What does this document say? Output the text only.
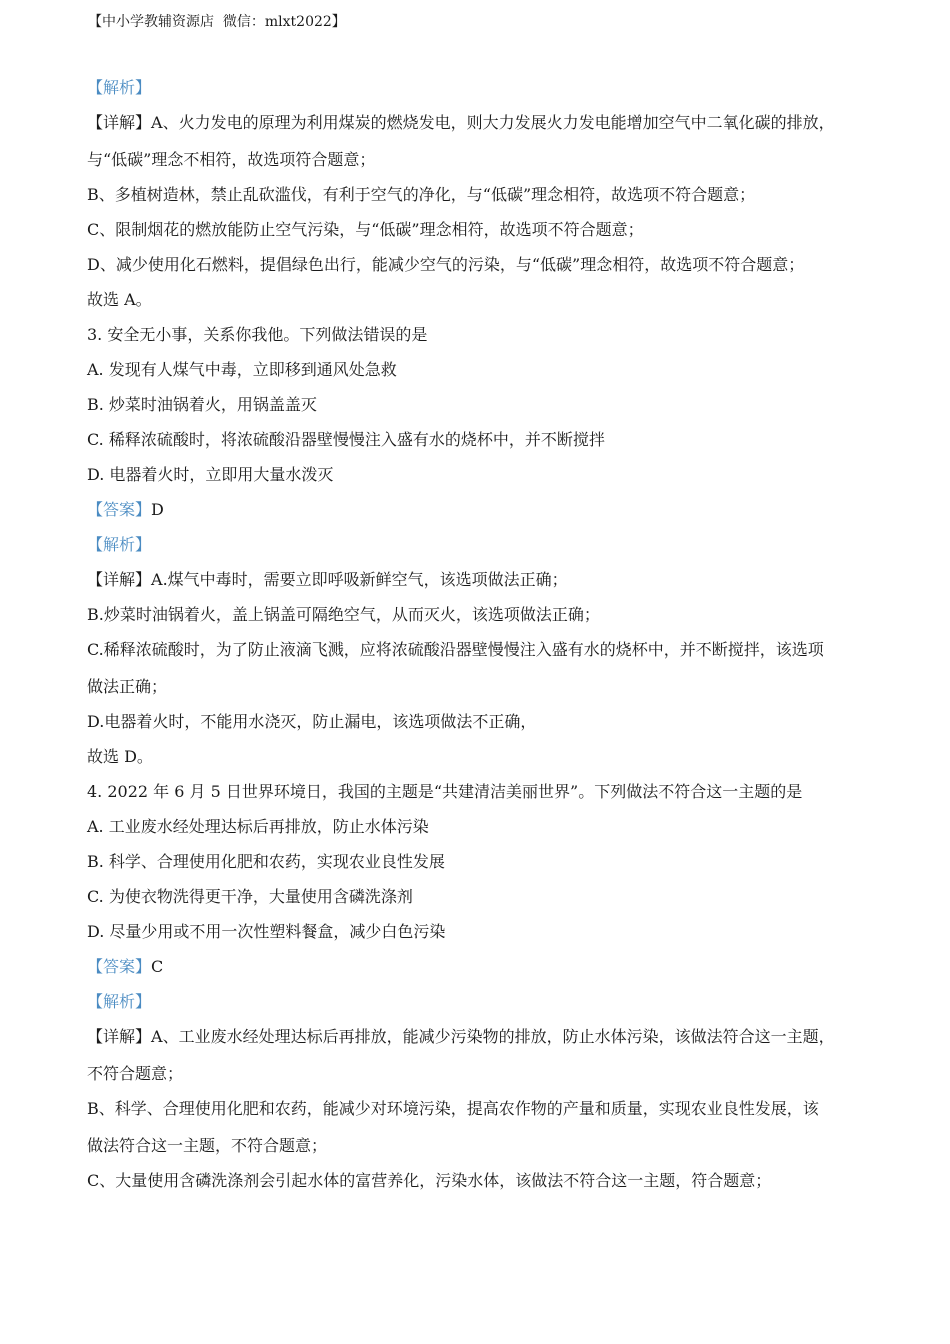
【中小学教辅资源店 微信：mlxt2022】
【解析】
【详解】A、火力发电的原理为利用煤炭的燃烧发电，则大力发展火力发电能增加空气中二氧化碳的排放，
与“低碳”理念不相符，故选项符合题意；
B、多植树造林，禁止乱砍滥伐，有利于空气的净化，与“低碳”理念相符，故选项不符合题意；
C、限制烟花的燃放能防止空气污染，与“低碳”理念相符，故选项不符合题意；
D、减少使用化石燃料，提倡绿色出行，能减少空气的污染，与“低碳”理念相符，故选项不符合题意；
故选 A。
3. 安全无小事，关系你我他。下列做法错误的是
A. 发现有人煤气中毒，立即移到通风处急救
B. 炒菜时油锅着火，用锅盖盖灭
C. 稀释浓硫酸时，将浓硫酸沿器壁慢慢注入盛有水的烧杯中，并不断搅拌
D. 电器着火时，立即用大量水泼灭
【答案】D
【解析】
【详解】A.煤气中毒时，需要立即呼吸新鲜空气，该选项做法正确；
B.炒菜时油锅着火，盖上锅盖可隔绝空气，从而灭火，该选项做法正确；
C.稀释浓硫酸时，为了防止液滴飞溅，应将浓硫酸沿器壁慢慢注入盛有水的烧杯中，并不断搅拌，该选项
做法正确；
D.电器着火时，不能用水浇灭，防止漏电，该选项做法不正确，
故选 D。
4. 2022 年 6 月 5 日世界环境日，我国的主题是“共建清洁美丽世界”。下列做法不符合这一主题的是
A. 工业废水经处理达标后再排放，防止水体污染
B. 科学、合理使用化肥和农药，实现农业良性发展
C. 为使衣物洗得更干净，大量使用含磷洗涤剂
D. 尽量少用或不用一次性塑料餐盒，减少白色污染
【答案】C
【解析】
【详解】A、工业废水经处理达标后再排放，能减少污染物的排放，防止水体污染，该做法符合这一主题，
不符合题意；
B、科学、合理使用化肥和农药，能减少对环境污染，提高农作物的产量和质量，实现农业良性发展，该
做法符合这一主题，不符合题意；
C、大量使用含磷洗涤剂会引起水体的富营养化，污染水体，该做法不符合这一主题，符合题意；
